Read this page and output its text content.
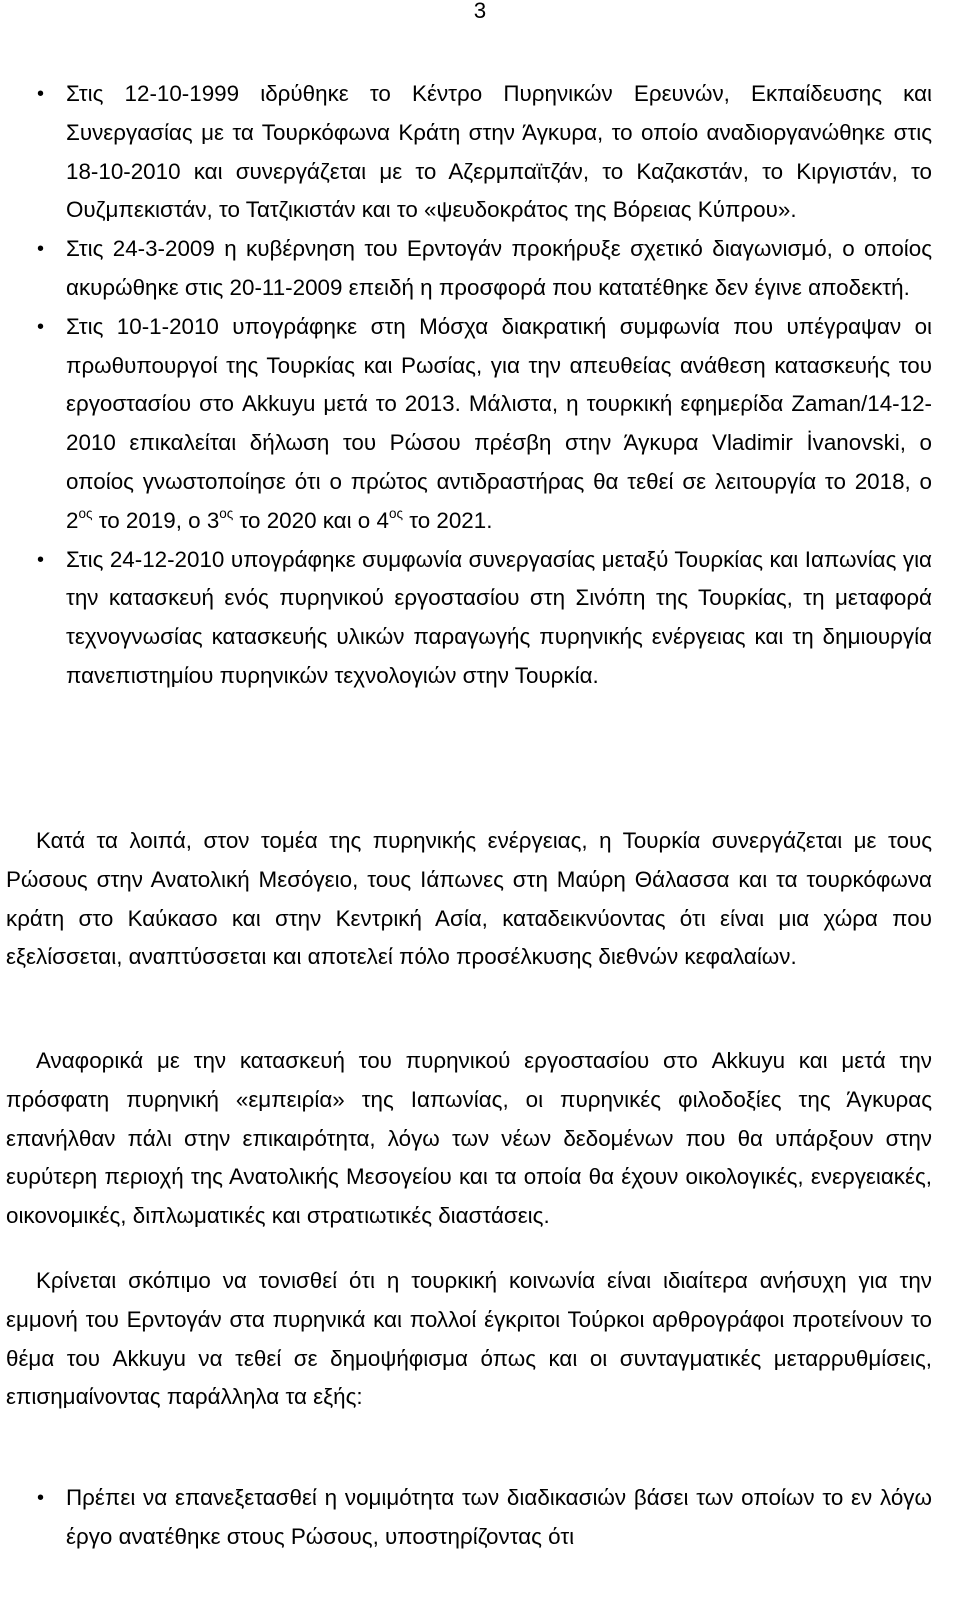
3
• Στις 12-10-1999 ιδρύθηκε το Κέντρο Πυρηνικών Ερευνών, Εκπαίδευσης και Συνεργασίας με τα Τουρκόφωνα Κράτη στην Άγκυρα, το οποίο αναδιοργανώθηκε στις 18-10-2010 και συνεργάζεται με το Αζερμπαϊτζάν, το Καζακστάν, το Κιργιστάν, το Ουζμπεκιστάν, το Τατζικιστάν και το «ψευδοκράτος της Βόρειας Κύπρου».
• Στις 24-3-2009 η κυβέρνηση του Ερντογάν προκήρυξε σχετικό διαγωνισμό, ο οποίος ακυρώθηκε στις 20-11-2009 επειδή η προσφορά που κατατέθηκε δεν έγινε αποδεκτή.
• Στις 10-1-2010 υπογράφηκε στη Μόσχα διακρατική συμφωνία που υπέγραψαν οι πρωθυπουργοί της Τουρκίας και Ρωσίας, για την απευθείας ανάθεση κατασκευής του εργοστασίου στο Akkuyu μετά το 2013. Μάλιστα, η τουρκική εφημερίδα Zaman/14-12-2010 επικαλείται δήλωση του Ρώσου πρέσβη στην Άγκυρα Vladimir İvanovski, ο οποίος γνωστοποίησε ότι ο πρώτος αντιδραστήρας θα τεθεί σε λειτουργία το 2018, ο $2^{o\varsigma}$ το 2019, ο $3^{o\varsigma}$ το 2020 και ο $4^{o\varsigma}$ το 2021.
• Στις 24-12-2010 υπογράφηκε συμφωνία συνεργασίας μεταξύ Τουρκίας και Ιαπωνίας για την κατασκευή ενός πυρηνικού εργοστασίου στη Σινόπη της Τουρκίας, τη μεταφορά τεχνογνωσίας κατασκευής υλικών παραγωγής πυρηνικής ενέργειας και τη δημιουργία πανεπιστημίου πυρηνικών τεχνολογιών στην Τουρκία.

Κατά τα λοιπά, στον τομέα της πυρηνικής ενέργειας, η Τουρκία συνεργάζεται με τους Ρώσους στην Ανατολική Μεσόγειο, τους Ιάπωνες στη Μαύρη Θάλασσα και τα τουρκόφωνα κράτη στο Καύκασο και στην Κεντρική Ασία, καταδεικνύοντας ότι είναι μια χώρα που εξελίσσεται, αναπτύσσεται και αποτελεί πόλο προσέλκυσης διεθνών κεφαλαίων.

Αναφορικά με την κατασκευή του πυρηνικού εργοστασίου στο Akkuyu και μετά την πρόσφατη πυρηνική «εμπειρία» της Ιαπωνίας, οι πυρηνικές φιλοδοξίες της Άγκυρας επανήλθαν πάλι στην επικαιρότητα, λόγω των νέων δεδομένων που θα υπάρξουν στην ευρύτερη περιοχή της Ανατολικής Μεσογείου και τα οποία θα έχουν οικολογικές, ενεργειακές, οικονομικές, διπλωματικές και στρατιωτικές διαστάσεις.

Κρίνεται σκόπιμο να τονισθεί ότι η τουρκική κοινωνία είναι ιδιαίτερα ανήσυχη για την εμμονή του Ερντογάν στα πυρηνικά και πολλοί έγκριτοι Τούρκοι αρθρογράφοι προτείνουν το θέμα του Akkuyu να τεθεί σε δημοψήφισμα όπως και οι συνταγματικές μεταρρυθμίσεις, επισημαίνοντας παράλληλα τα εξής:

• Πρέπει να επανεξετασθεί η νομιμότητα των διαδικασιών βάσει των οποίων το εν λόγω έργο ανατέθηκε στους Ρώσους, υποστηρίζοντας ότι
